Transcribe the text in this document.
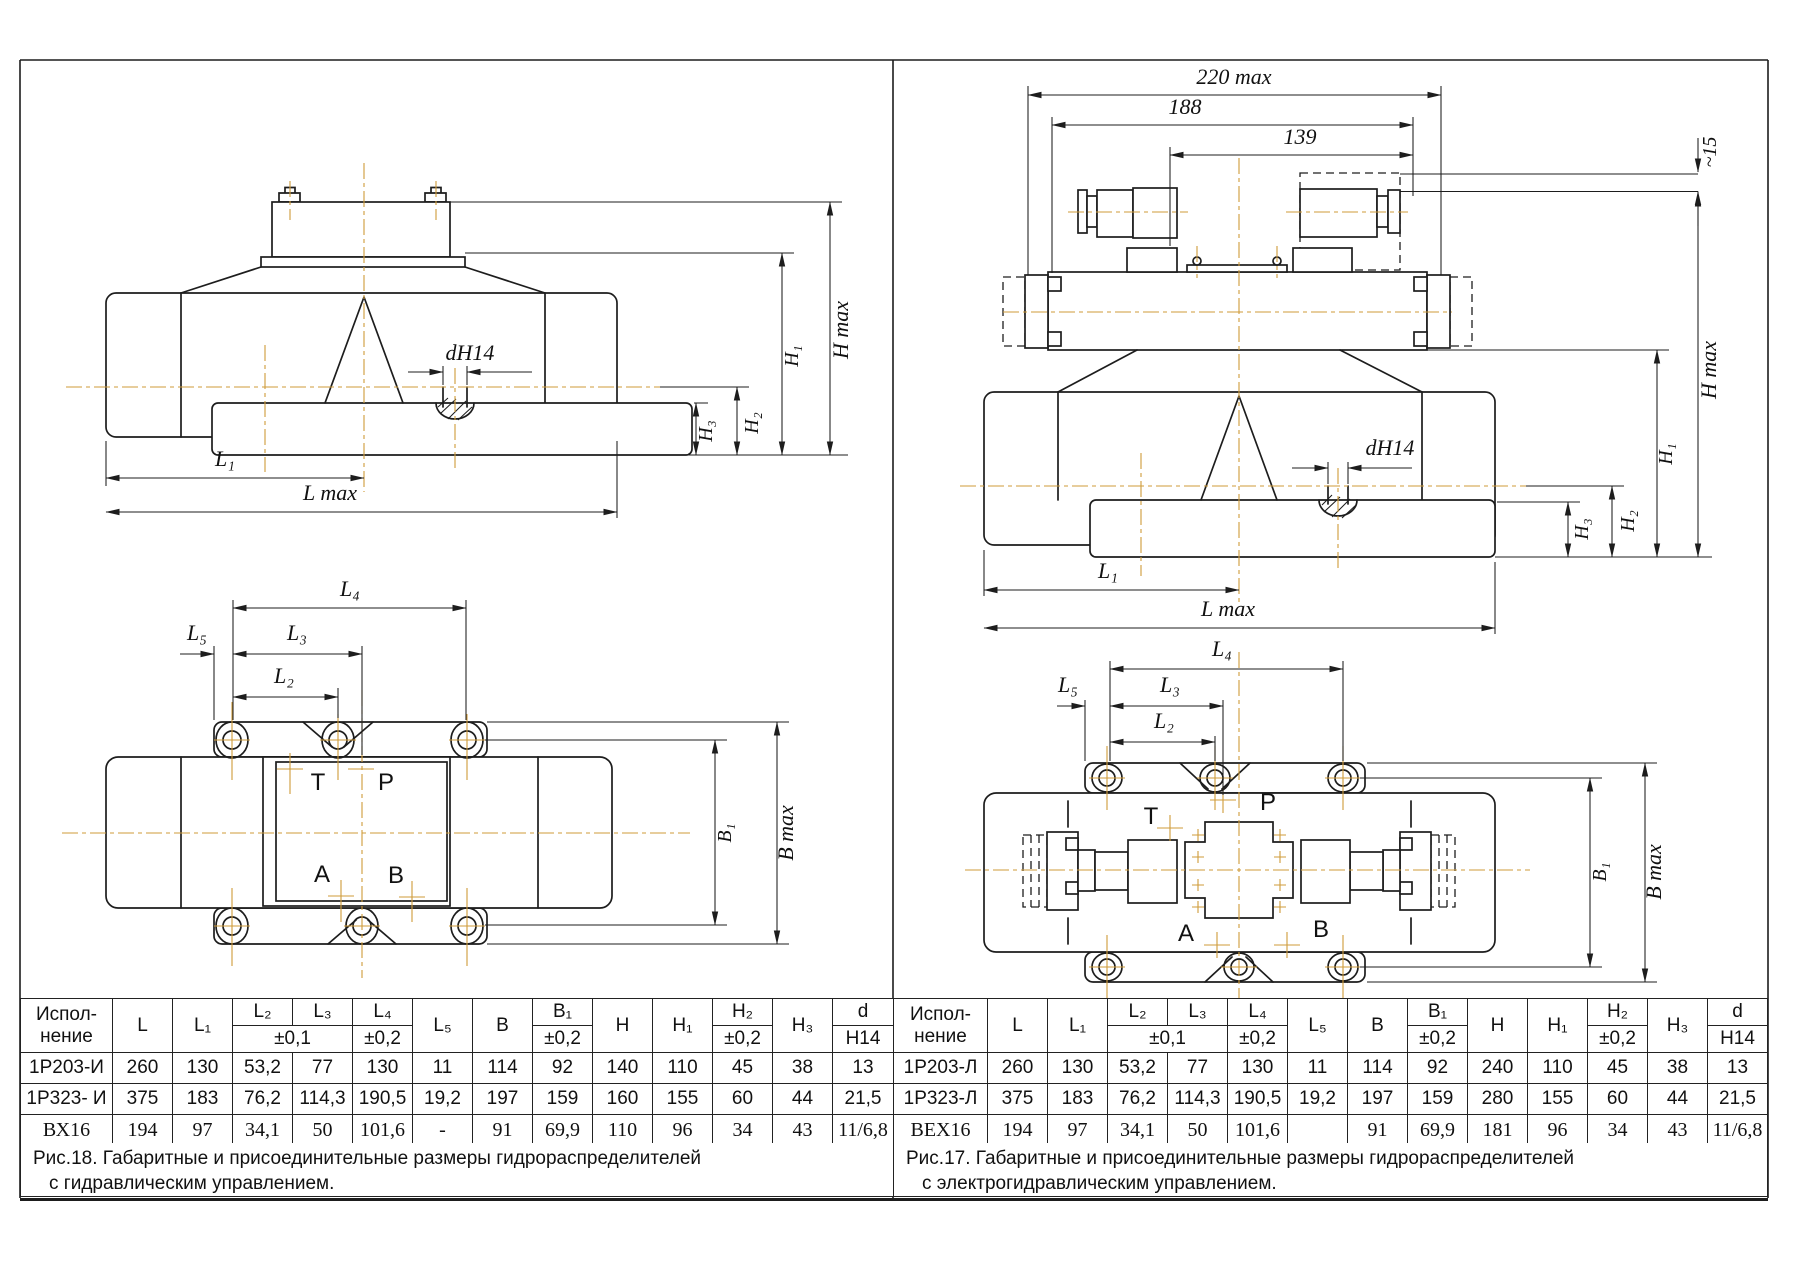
dH14
L₁
L max
H₃ H₂
H₁ H max
T P
A B
L₄
L₅	L₃
L₂
B₁ B max
220 max
188
139
~15
H₃ H₂
H₁
H max
dH14
L₁
L max
T
P
A	B
L₄
L₅	L₃
L₂
B₁ B max
Испол-
нение	L	L₁	L₂	L₃	L₄	L₅	B	B₁	H	H₁	H₂	H₃	d
			±0,1		±0,2			±0,2			±0,2		H14
1Р203-И	260	130	53,2	77	130	11	114	92	140	110	45	38	13
1Р323- И	375	183	76,2	114,3	190,5	19,2	197	159	160	155	60	44	21,5
ВХ16	194	97	34,1	50	101,6	-	91	69,9	110	96	34	43	11/6,8
Испол-
нение	L	L₁	L₂	L₃	L₄	L₅	B	B₁	H	H₁	H₂	H₃	d
			±0,1		±0,2			±0,2			±0,2		H14
1Р203-Л	260	130	53,2	77	130	11	114	92	240	110	45	38	13
1Р323-Л	375	183	76,2	114,3	190,5	19,2	197	159	280	155	60	44	21,5
ВЕХ16	194	97	34,1	50	101,6		91	69,9	181	96	34	43	11/6,8
Рис.18. Габаритные и присоединительные размеры гидрораспределителей
с гидравлическим управлением.
Рис.17. Габаритные и присоединительные размеры гидрораспределителей
с электрогидравлическим управлением.
